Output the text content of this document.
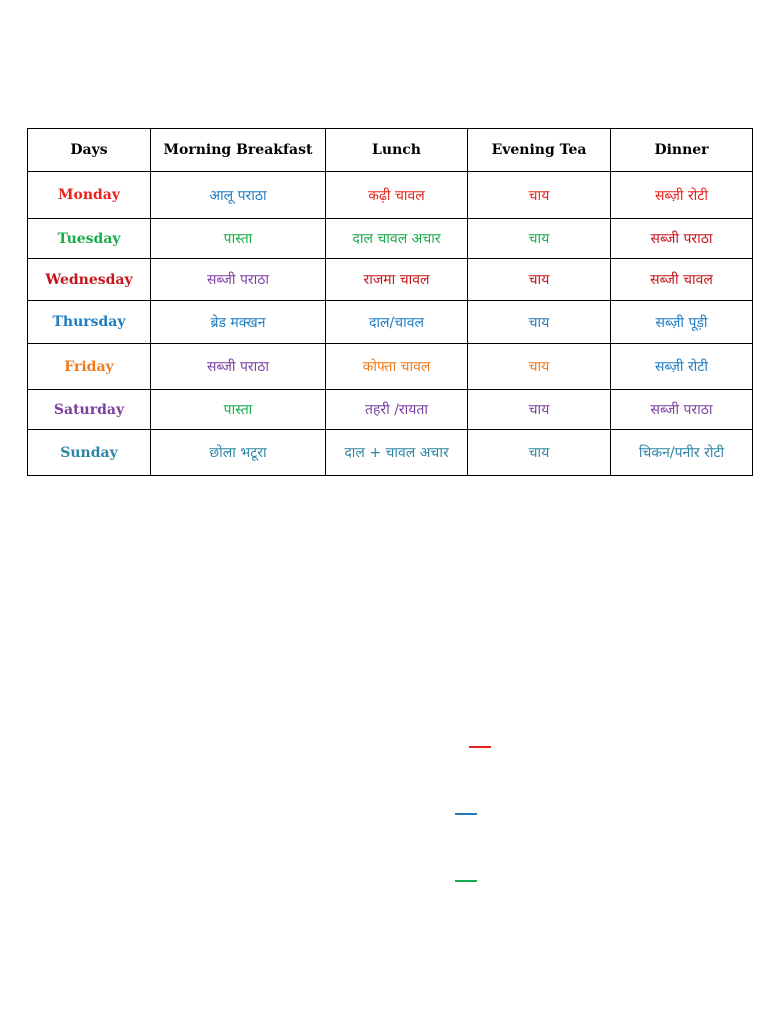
Days	Morning Breakfast	Lunch	Evening Tea	Dinner
Monday	आलू पराठा	कढ़ी चावल	चाय	सब्ज़ी रोटी
Tuesday	पास्ता	दाल चावल अचार	चाय	सब्जी पराठा
Wednesday	सब्जी पराठा	राजमा चावल	चाय	सब्जी चावल
Thursday	ब्रेड मक्खन	दाल/चावल	चाय	सब्ज़ी पूड़ी
Friday	सब्जी पराठा	कोफ्ता चावल	चाय	सब्ज़ी रोटी
Saturday	पास्ता	तहरी /रायता	चाय	सब्जी पराठा
Sunday	छोला भटूरा	दाल + चावल अचार	चाय	चिकन/पनीर रोटी
